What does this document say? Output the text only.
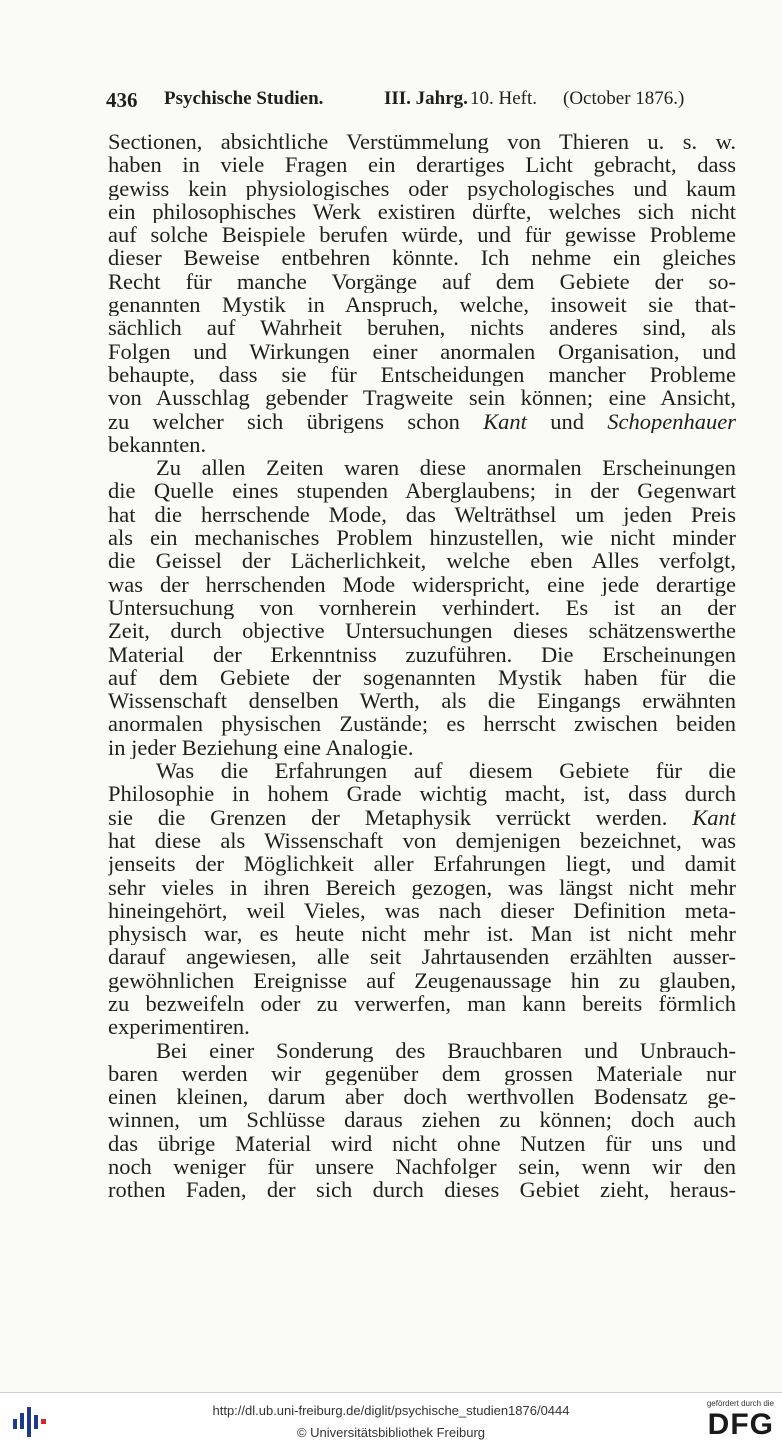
436 Psychische Studien.	III. Jahrg. 10. Heft. (October 1876.)
Sectionen, absichtliche Verstümmelung von Thieren u. s. w.
haben in viele Fragen ein derartiges Licht gebracht, dass
gewiss kein physiologisches oder psychologisches und kaum
ein philosophisches Werk existiren dürfte, welches sich nicht
auf solche Beispiele berufen würde, und für gewisse Probleme
dieser Beweise entbehren könnte. Ich nehme ein gleiches
Recht für manche Vorgänge auf dem Gebiete der so-
genannten Mystik in Anspruch, welche, insoweit sie that-
sächlich auf Wahrheit beruhen, nichts anderes sind, als
Folgen und Wirkungen einer anormalen Organisation, und
behaupte, dass sie für Entscheidungen mancher Probleme
von Ausschlag gebender Tragweite sein können; eine Ansicht,
zu welcher sich übrigens schon Kant und Schopenhauer
bekannten.
Zu allen Zeiten waren diese anormalen Erscheinungen
die Quelle eines stupenden Aberglaubens; in der Gegenwart
hat die herrschende Mode, das Welträthsel um jeden Preis
als ein mechanisches Problem hinzustellen, wie nicht minder
die Geissel der Lächerlichkeit, welche eben Alles verfolgt,
was der herrschenden Mode widerspricht, eine jede derartige
Untersuchung von vornherein verhindert. Es ist an der
Zeit, durch objective Untersuchungen dieses schätzenswerthe
Material der Erkenntniss zuzuführen. Die Erscheinungen
auf dem Gebiete der sogenannten Mystik haben für die
Wissenschaft denselben Werth, als die Eingangs erwähnten
anormalen physischen Zustände; es herrscht zwischen beiden
in jeder Beziehung eine Analogie.
Was die Erfahrungen auf diesem Gebiete für die
Philosophie in hohem Grade wichtig macht, ist, dass durch
sie die Grenzen der Metaphysik verrückt werden. Kant
hat diese als Wissenschaft von demjenigen bezeichnet, was
jenseits der Möglichkeit aller Erfahrungen liegt, und damit
sehr vieles in ihren Bereich gezogen, was längst nicht mehr
hineingehört, weil Vieles, was nach dieser Definition meta-
physisch war, es heute nicht mehr ist. Man ist nicht mehr
darauf angewiesen, alle seit Jahrtausenden erzählten ausser-
gewöhnlichen Ereignisse auf Zeugenaussage hin zu glauben,
zu bezweifeln oder zu verwerfen, man kann bereits förmlich
experimentiren.
Bei einer Sonderung des Brauchbaren und Unbrauch-
baren werden wir gegenüber dem grossen Materiale nur
einen kleinen, darum aber doch werthvollen Bodensatz ge-
winnen, um Schlüsse daraus ziehen zu können; doch auch
das übrige Material wird nicht ohne Nutzen für uns und
noch weniger für unsere Nachfolger sein, wenn wir den
rothen Faden, der sich durch dieses Gebiet zieht, heraus-
http://dl.ub.uni-freiburg.de/diglit/psychische_studien1876/0444
© Universitätsbibliothek Freiburg
gefördert durch die
DFG
